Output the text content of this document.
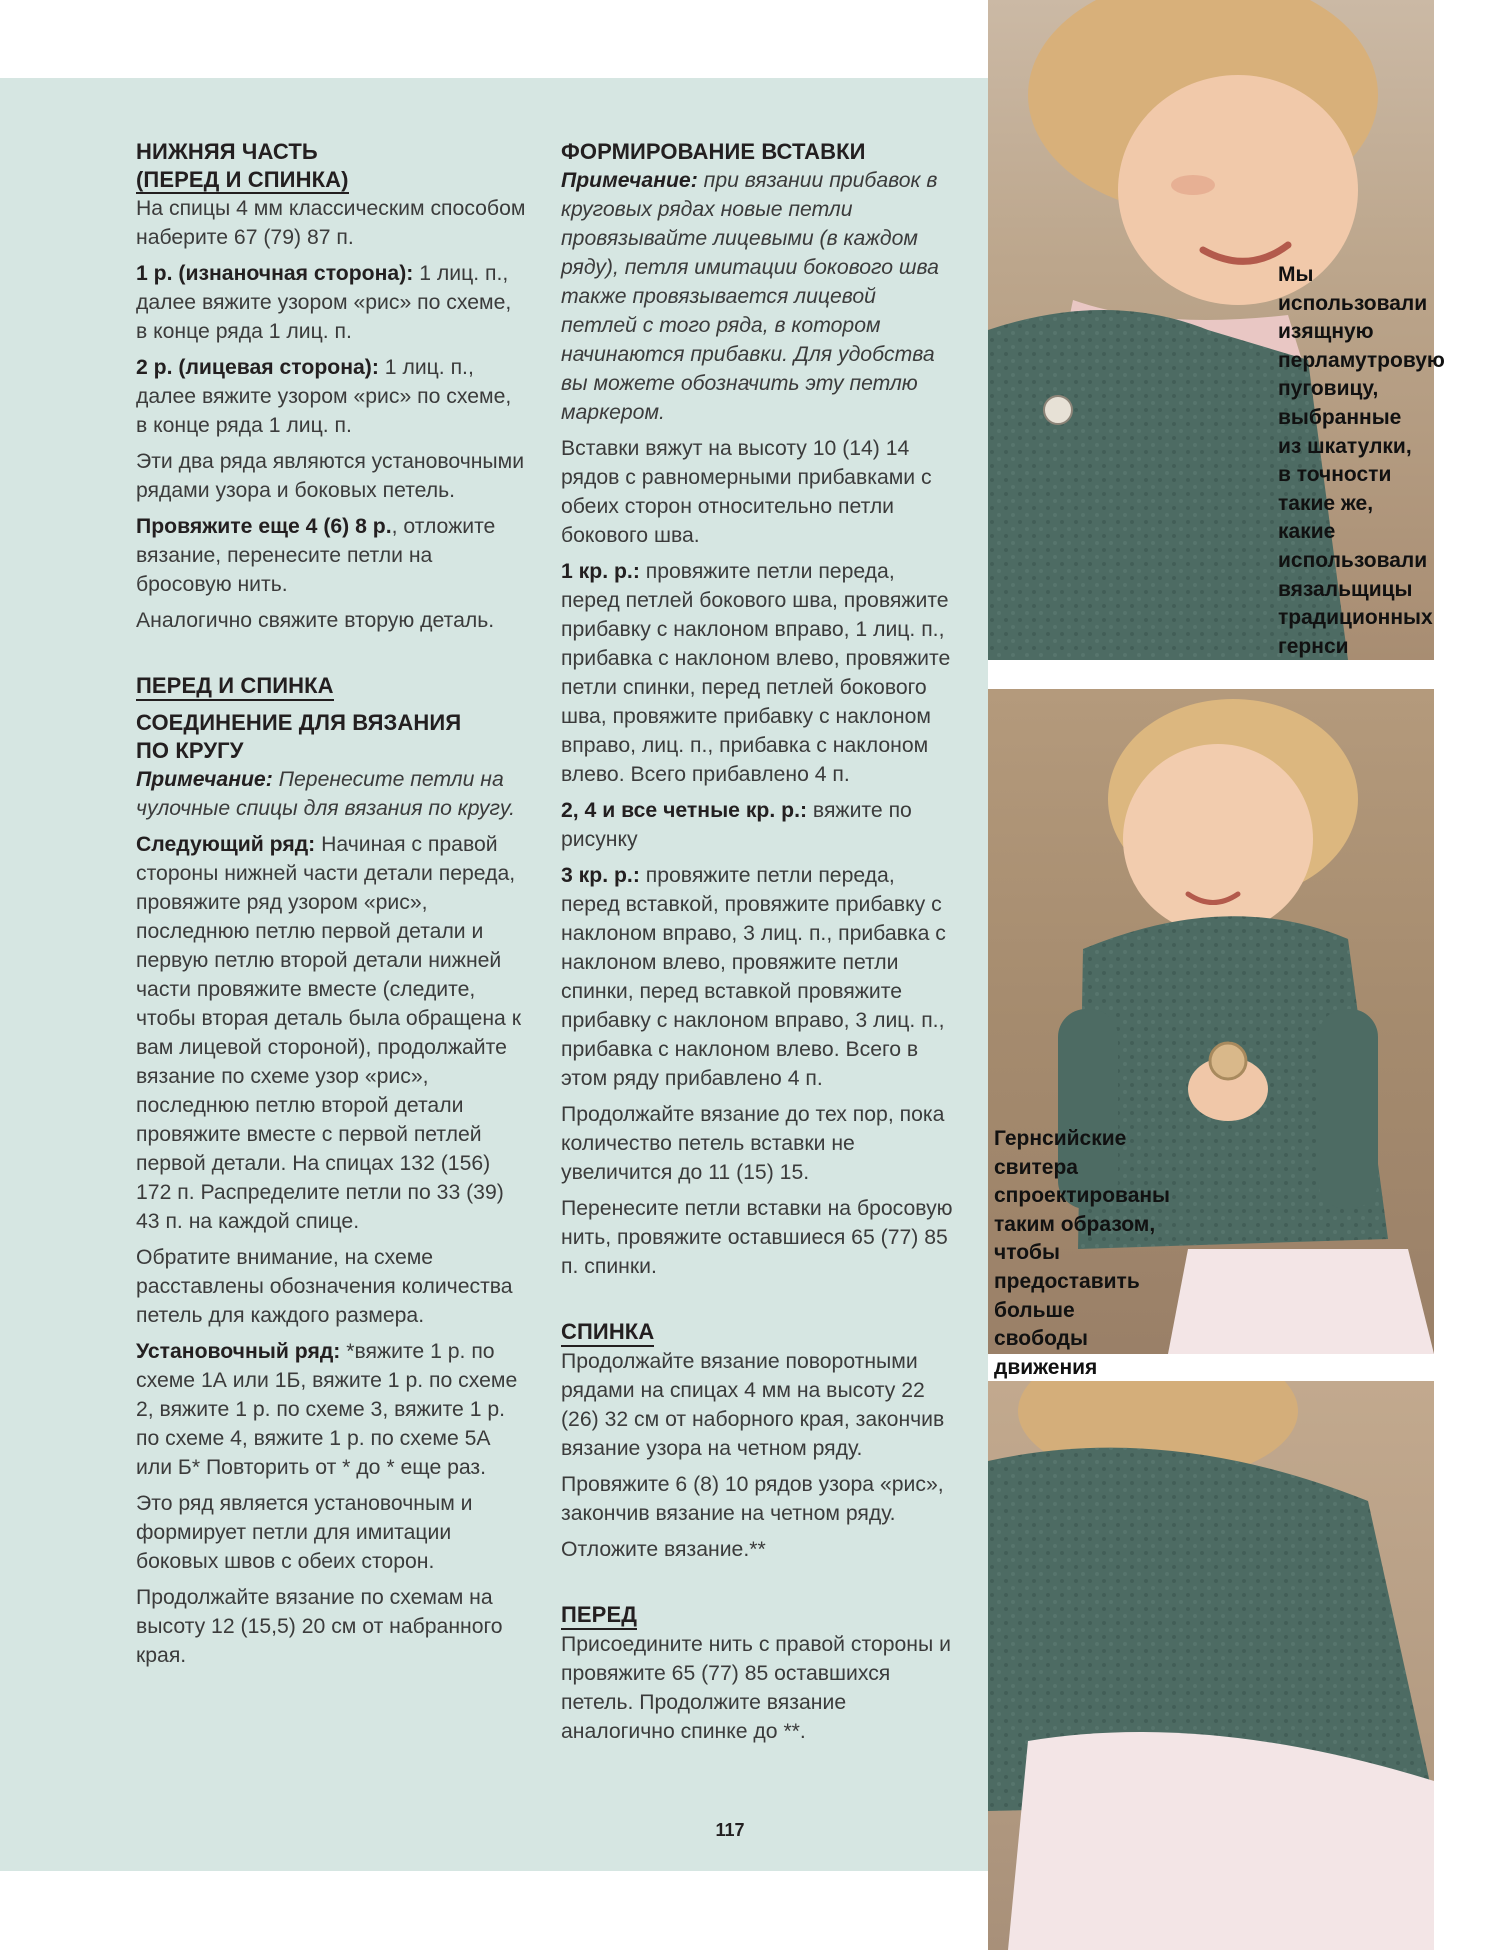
НИЖНЯЯ ЧАСТЬ
(ПЕРЕД И СПИНКА)

На спицы 4 мм классическим способом наберите 67 (79) 87 п.

1 р. (изнаночная сторона): 1 лиц. п., далее вяжите узором «рис» по схеме, в конце ряда 1 лиц. п.

2 р. (лицевая сторона): 1 лиц. п., далее вяжите узором «рис» по схеме, в конце ряда 1 лиц. п.

Эти два ряда являются установочными рядами узора и боковых петель.

Провяжите еще 4 (6) 8 р., отложите вязание, перенесите петли на бросовую нить.

Аналогично свяжите вторую деталь.

ПЕРЕД И СПИНКА
СОЕДИНЕНИЕ ДЛЯ ВЯЗАНИЯ
ПО КРУГУ

Примечание: Перенесите петли на чулочные спицы для вязания по кругу.

Следующий ряд: Начиная с правой стороны нижней части детали переда, провяжите ряд узором «рис», последнюю петлю первой детали и первую петлю второй детали нижней части провяжите вместе (следите, чтобы вторая деталь была обращена к вам лицевой стороной), продолжайте вязание по схеме узор «рис», последнюю петлю второй детали провяжите вместе с первой петлей первой детали. На спицах 132 (156) 172 п. Распределите петли по 33 (39) 43 п. на каждой спице.

Обратите внимание, на схеме расставлены обозначения количества петель для каждого размера.

Установочный ряд: *вяжите 1 р. по схеме 1А или 1Б, вяжите 1 р. по схеме 2, вяжите 1 р. по схеме 3, вяжите 1 р. по схеме 4, вяжите 1 р. по схеме 5А или Б* Повторить от * до * еще раз.

Это ряд является установочным и формирует петли для имитации боковых швов с обеих сторон.

Продолжайте вязание по схемам на высоту 12 (15,5) 20 см от набранного края.

ФОРМИРОВАНИЕ ВСТАВКИ

Примечание: при вязании прибавок в круговых рядах новые петли провязывайте лицевыми (в каждом ряду), петля имитации бокового шва также провязывается лицевой петлей с того ряда, в котором начинаются прибавки. Для удобства вы можете обозначить эту петлю маркером.

Вставки вяжут на высоту 10 (14) 14 рядов с равномерными прибавками с обеих сторон относительно петли бокового шва.

1 кр. р.: провяжите петли переда, перед петлей бокового шва, провяжите прибавку с наклоном вправо, 1 лиц. п., прибавка с наклоном влево, провяжите петли спинки, перед петлей бокового шва, провяжите прибавку с наклоном вправо, лиц. п., прибавка с наклоном влево. Всего прибавлено 4 п.

2, 4 и все четные кр. р.: вяжите по рисунку

3 кр. р.: провяжите петли переда, перед вставкой, провяжите прибавку с наклоном вправо, 3 лиц. п., прибавка с наклоном влево, провяжите петли спинки, перед вставкой провяжите прибавку с наклоном вправо, 3 лиц. п., прибавка с наклоном влево. Всего в этом ряду прибавлено 4 п.

Продолжайте вязание до тех пор, пока количество петель вставки не увеличится до 11 (15) 15.

Перенесите петли вставки на бросовую нить, провяжите оставшиеся 65 (77) 85 п. спинки.

СПИНКА

Продолжайте вязание поворотными рядами на спицах 4 мм на высоту 22 (26) 32 см от наборного края, закончив вязание узора на четном ряду.

Провяжите 6 (8) 10 рядов узора «рис», закончив вязание на четном ряду.

Отложите вязание.**

ПЕРЕД

Присоедините нить с правой стороны и провяжите 65 (77) 85 оставшихся петель. Продолжите вязание аналогично спинке до **.

117
Мы использовали изящную перламутровую пуговицу, выбранные из шкатулки, в точности такие же, какие использовали вязальщицы традиционных гернси
Гернсийские свитера спроектированы таким образом, чтобы предоставить больше свободы движения
